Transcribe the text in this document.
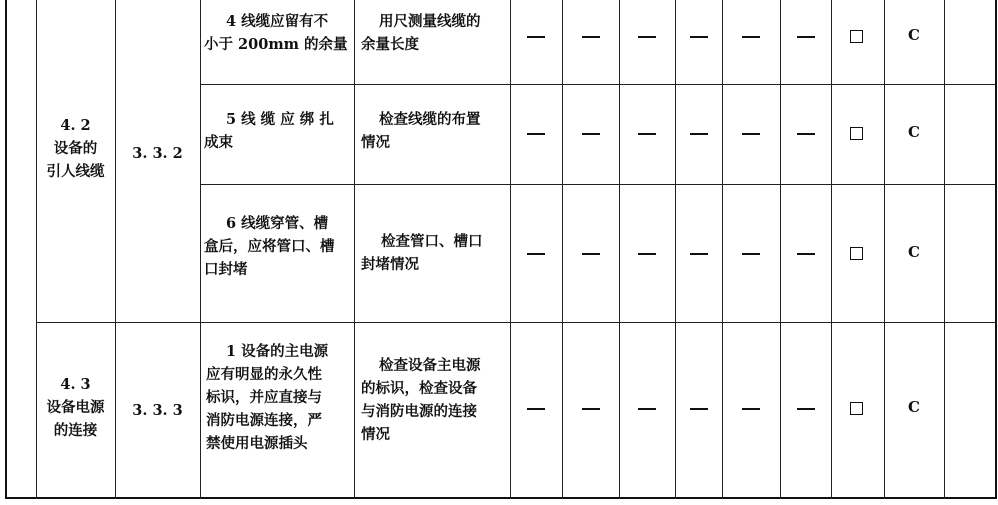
4. 2
设备的
引人线缆
3. 3. 2
4 线缆应留有不
小于 200mm 的余量
用尺测量线缆的
余量长度
5 线 缆 应 绑 扎
成束
检查线缆的布置
情况
6 线缆穿管、槽
盒后，应将管口、槽
口封堵
检查管口、槽口
封堵情况
4. 3
设备电源
的连接
3. 3. 3
1 设备的主电源
应有明显的永久性
标识，并应直接与
消防电源连接，严
禁使用电源插头
检查设备主电源
的标识，检查设备
与消防电源的连接
情况
C
C
C
C
